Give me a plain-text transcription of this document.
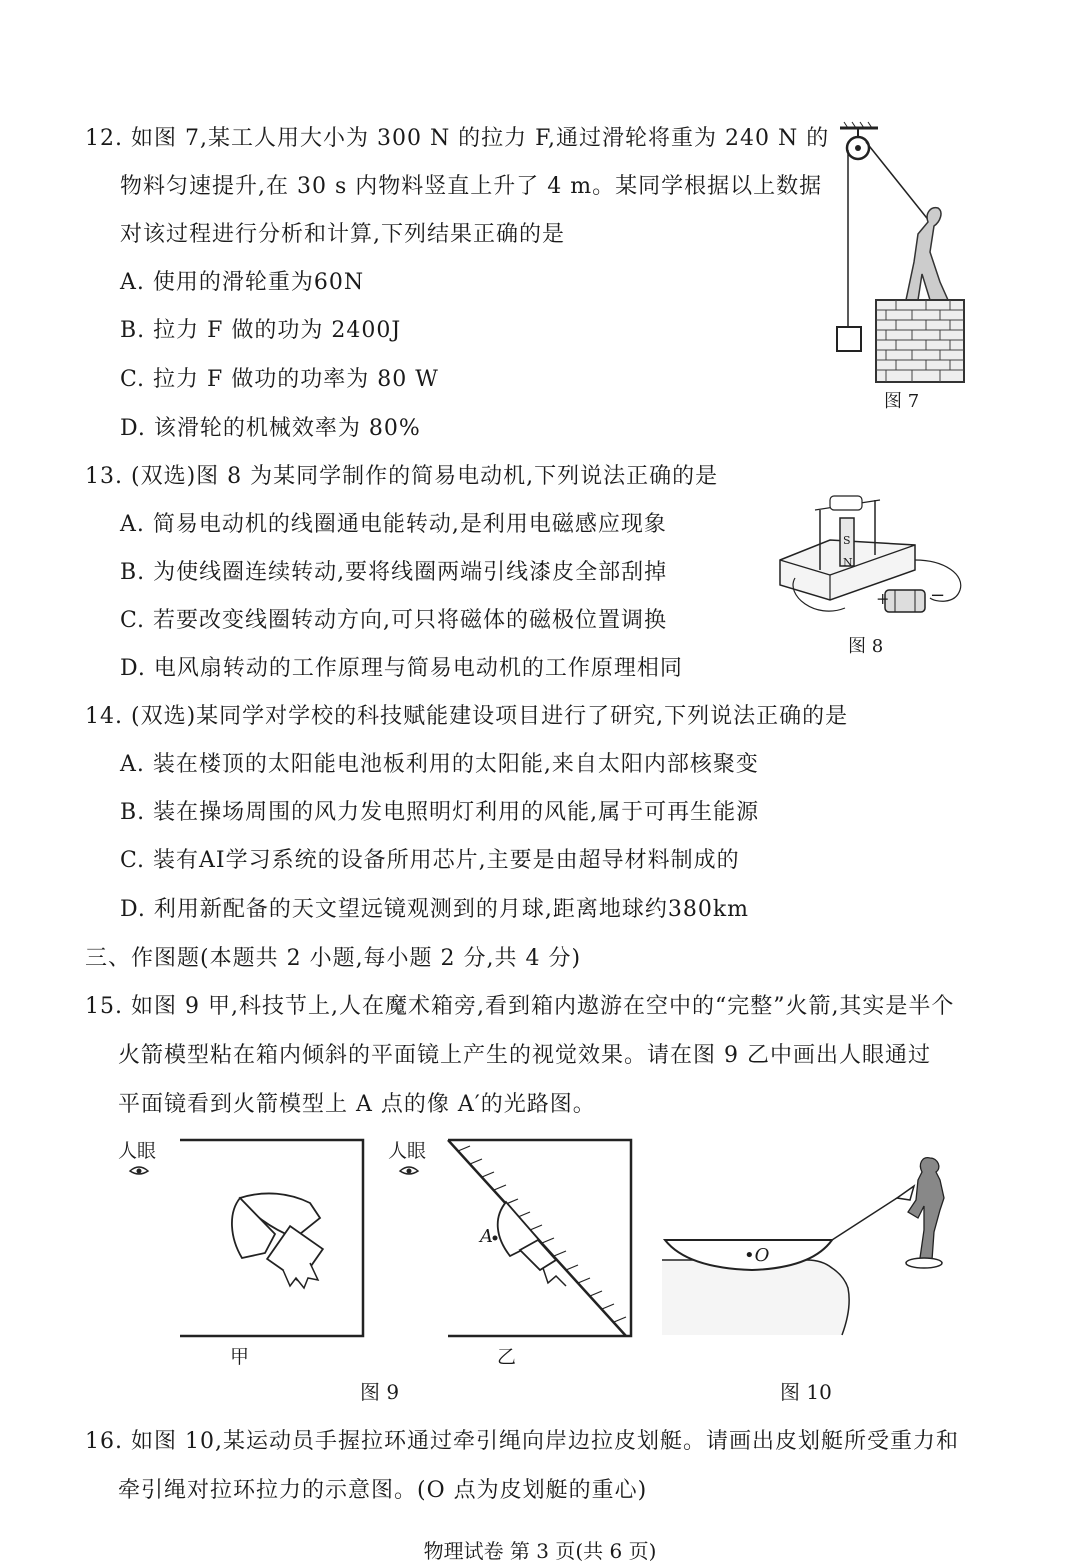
12. 如图 7,某工人用大小为 300 N 的拉力 F,通过滑轮将重为 240 N 的
物料匀速提升,在 30 s 内物料竖直上升了 4 m。某同学根据以上数据
对该过程进行分析和计算,下列结果正确的是
A. 使用的滑轮重为60N
B. 拉力 F 做的功为 2400J
C. 拉力 F 做功的功率为 80 W
D. 该滑轮的机械效率为 80%
图 7
13. (双选)图 8 为某同学制作的简易电动机,下列说法正确的是
A. 简易电动机的线圈通电能转动,是利用电磁感应现象
B. 为使线圈连续转动,要将线圈两端引线漆皮全部刮掉
C. 若要改变线圈转动方向,可只将磁体的磁极位置调换
D. 电风扇转动的工作原理与简易电动机的工作原理相同
S
N
+ −
图 8
14. (双选)某同学对学校的科技赋能建设项目进行了研究,下列说法正确的是
A. 装在楼顶的太阳能电池板利用的太阳能,来自太阳内部核聚变
B. 装在操场周围的风力发电照明灯利用的风能,属于可再生能源
C. 装有AI学习系统的设备所用芯片,主要是由超导材料制成的
D. 利用新配备的天文望远镜观测到的月球,距离地球约380km
三、作图题(本题共 2 小题,每小题 2 分,共 4 分)
15. 如图 9 甲,科技节上,人在魔术箱旁,看到箱内遨游在空中的“完整”火箭,其实是半个
火箭模型粘在箱内倾斜的平面镜上产生的视觉效果。请在图 9 乙中画出人眼通过
平面镜看到火箭模型上 A 点的像 A′的光路图。
人眼
甲
人眼
A
乙
图 9
•O
图 10
16. 如图 10,某运动员手握拉环通过牵引绳向岸边拉皮划艇。请画出皮划艇所受重力和
牵引绳对拉环拉力的示意图。(O 点为皮划艇的重心)
物理试卷 第 3 页(共 6 页)
